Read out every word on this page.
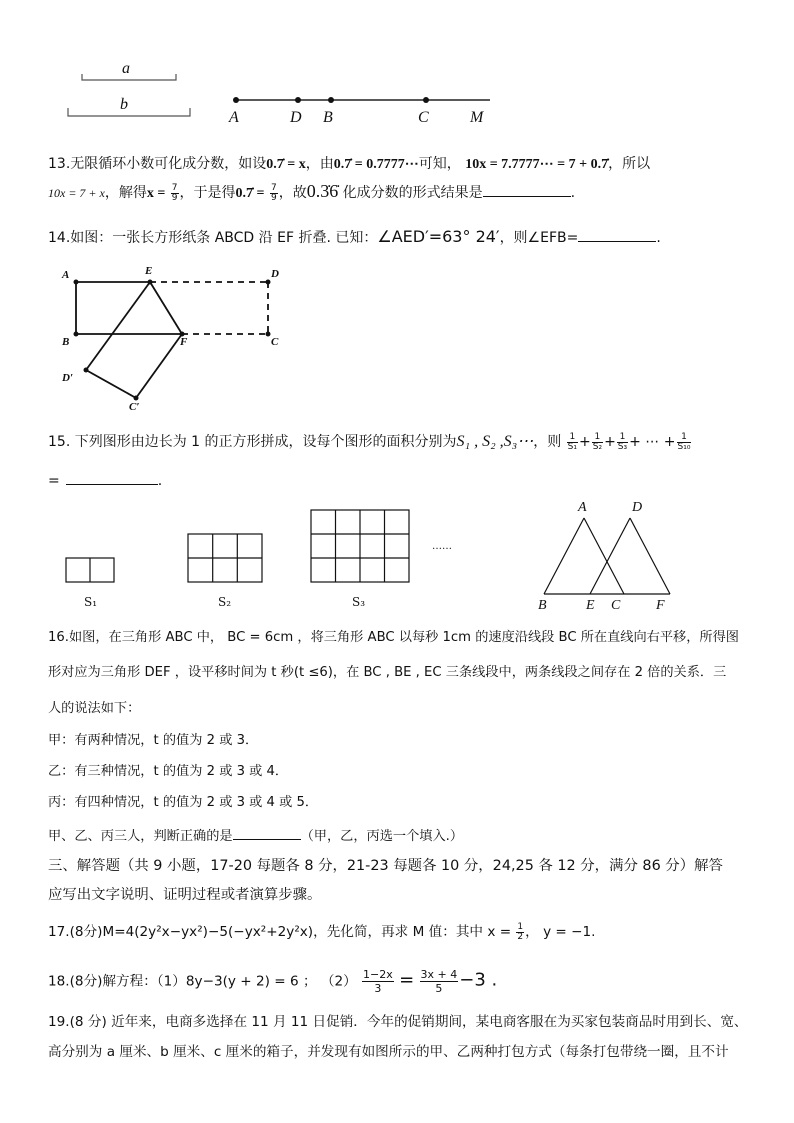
a
b
A	D B	C	M
13.无限循环小数可化成分数，如设0.7̇ = x，由0.7̇ = 0.7777⋯可知， 10x = 7.7777⋯ = 7 + 0.7̇，所以
10x = 7 + x，解得$x = \frac{7}{9}$ ，于是得0.7̇ = $\frac{7}{9}$ ，故0.3̇6̇ 化成分数的形式结果是	.
14.如图：一张长方形纸条 ABCD 沿 EF 折叠. 已知：∠AED′=63° 24′，则∠EFB=	.
A	E	D
B	F	C
D′
C′
15. 下列图形由边长为 1 的正方形拼成，设每个图形的面积分别为S₁ , S₂ ,S₃⋯，则 $\frac{1}{\text{S₁}} + \frac{1}{\text{S₂}} + \frac{1}{\text{S₃}}$ + ⋯ + $\frac{1}{\text{S₁₀}}$
=	.
S₁	S₂	S₃
……
A	D
B	E C	F
16.如图，在三角形 ABC 中， BC = 6cm ，将三角形 ABC 以每秒 1cm 的速度沿线段 BC 所在直线向右平移，所得图
形对应为三角形 DEF ，设平移时间为 t 秒(t ≤6)，在 BC , BE , EC 三条线段中，两条线段之间存在 2 倍的关系．三
人的说法如下：
甲：有两种情况，t 的值为 2 或 3．
乙：有三种情况，t 的值为 2 或 3 或 4．
丙：有四种情况，t 的值为 2 或 3 或 4 或 5．
甲、乙、丙三人，判断正确的是	（甲，乙，丙选一个填入.）
三、解答题（共 9 小题，17-20 每题各 8 分，21-23 每题各 10 分，24,25 各 12 分，满分 86 分）解答
应写出文字说明、证明过程或者演算步骤。
17.(8分)M=4(2y²x−yx²)−5(−yx²+2y²x)，先化简，再求 M 值：其中 $x = \frac{1}{2}$ ， y = −1.
18.(8分)解方程：（1）8y−3(y + 2) = 6 ； $(2) \frac{1-2x}{3} = \frac{3x + 4}{5} -3$ .
19.(8 分) 近年来，电商多选择在 11 月 11 日促销．今年的促销期间，某电商客服在为买家包装商品时用到长、宽、
高分别为 a 厘米、b 厘米、c 厘米的箱子，并发现有如图所示的甲、乙两种打包方式（每条打包带绕一圈，且不计
